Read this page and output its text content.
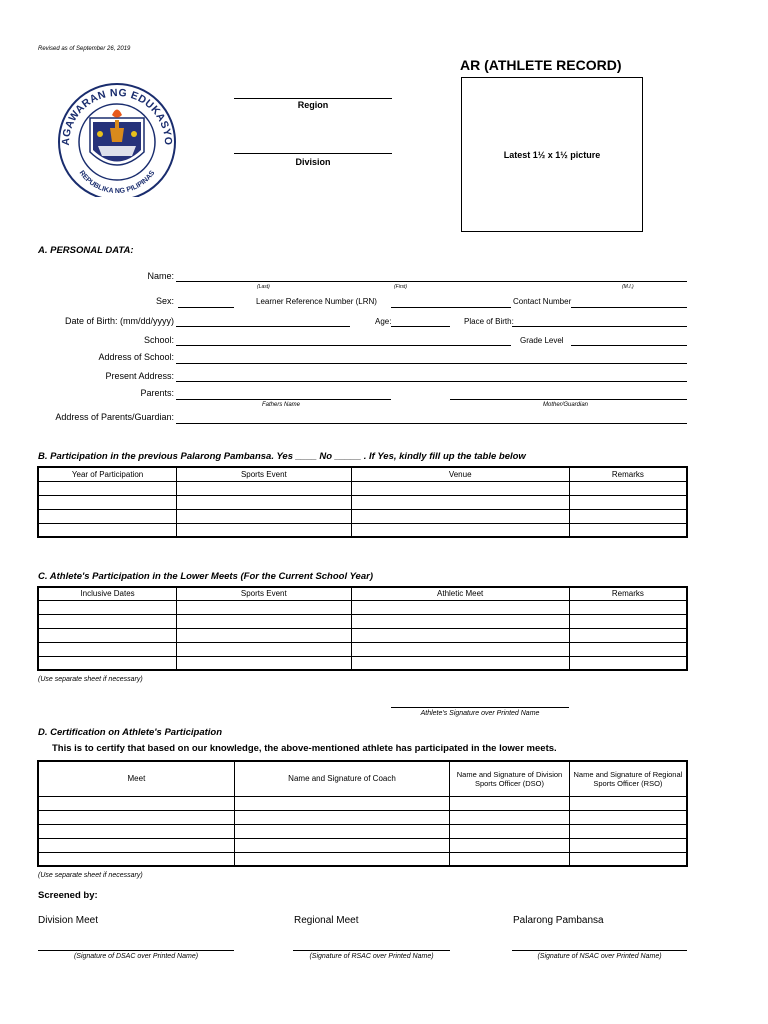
Revised as of September 26, 2019
AR (ATHLETE RECORD)
AGAWARAN NG EDUKASYO
REPUBLIKA NG PILIPINAS
Region
Division
Latest 1½ x 1½ picture
A. PERSONAL DATA:
Name:
(Last)	(First)	(M.I.)
Sex:	Learner Reference Number (LRN)	Contact Number
Date of Birth: (mm/dd/yyyy)	Age:	Place of Birth:
School:	Grade Level
Address of School:
Present Address:
Parents:
Fathers Name	Mother/Guardian
Address of Parents/Guardian:
B. Participation in the previous Palarong Pambansa. Yes ____ No _____ . If Yes, kindly fill up the table below
Year of Participation	Sports Event	Venue	Remarks

C. Athlete's Participation in the Lower Meets (For the Current School Year)
Inclusive Dates	Sports Event	Athletic Meet	Remarks

(Use separate sheet if necessary)
Athlete's Signature over Printed Name
D. Certification on Athlete's Participation
This is to certify that based on our knowledge, the above-mentioned athlete has participated in the lower meets.
Meet	Name and Signature of Coach	Name and Signature of Division Sports Officer (DSO)	Name and Signature of Regional Sports Officer (RSO)

(Use separate sheet if necessary)
Screened by:
Division Meet	Regional Meet	Palarong Pambansa
(Signature of DSAC over Printed Name)	(Signature of RSAC over Printed Name)	(Signature of NSAC over Printed Name)
